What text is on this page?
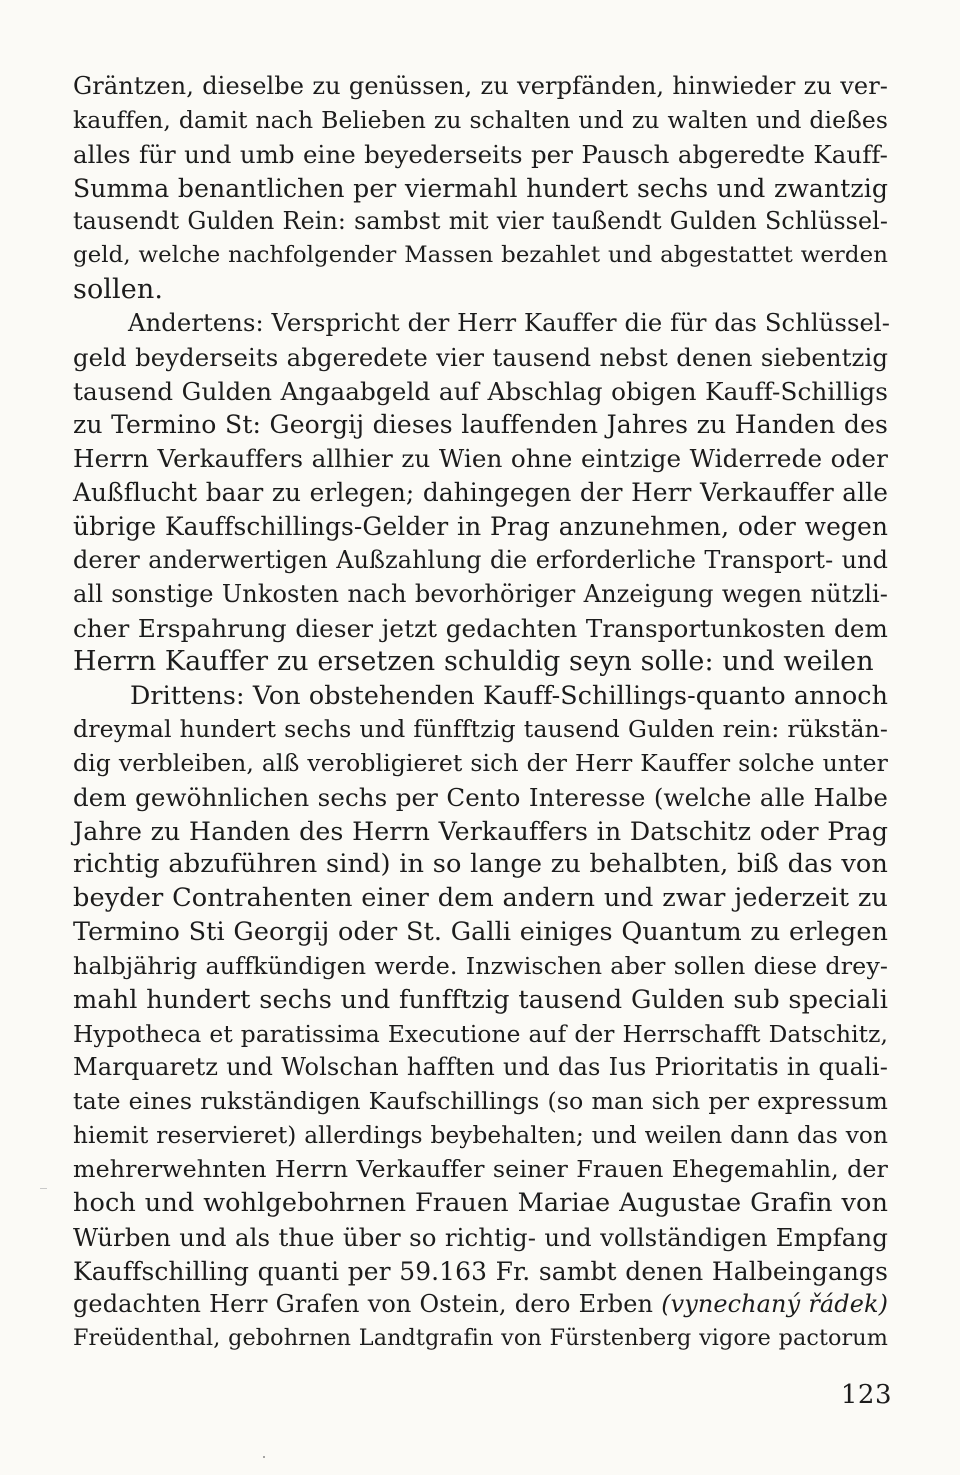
Gräntzen, dieselbe zu genüssen, zu verpfänden, hinwieder zu ver-
kauffen, damit nach Belieben zu schalten und zu walten und dießes
alles für und umb eine beyederseits per Pausch abgeredte Kauff-
Summa benantlichen per viermahl hundert sechs und zwantzig
tausendt Gulden Rein: sambst mit vier taußendt Gulden Schlüssel-
geld, welche nachfolgender Massen bezahlet und abgestattet werden
sollen.
Andertens: Verspricht der Herr Kauffer die für das Schlüssel-
geld beyderseits abgeredete vier tausend nebst denen siebentzig
tausend Gulden Angaabgeld auf Abschlag obigen Kauff-Schilligs
zu Termino St: Georgij dieses lauffenden Jahres zu Handen des
Herrn Verkauffers allhier zu Wien ohne eintzige Widerrede oder
Außflucht baar zu erlegen; dahingegen der Herr Verkauffer alle
übrige Kauffschillings-Gelder in Prag anzunehmen, oder wegen
derer anderwertigen Außzahlung die erforderliche Transport- und
all sonstige Unkosten nach bevorhöriger Anzeigung wegen nützli-
cher Erspahrung dieser jetzt gedachten Transportunkosten dem
Herrn Kauffer zu ersetzen schuldig seyn solle: und weilen
Drittens: Von obstehenden Kauff-Schillings-quanto annoch
dreymal hundert sechs und fünfftzig tausend Gulden rein: rükstän-
dig verbleiben, alß verobligieret sich der Herr Kauffer solche unter
dem gewöhnlichen sechs per Cento Interesse (welche alle Halbe
Jahre zu Handen des Herrn Verkauffers in Datschitz oder Prag
richtig abzuführen sind) in so lange zu behalbten, biß das von
beyder Contrahenten einer dem andern und zwar jederzeit zu
Termino Sti Georgij oder St. Galli einiges Quantum zu erlegen
halbjährig auffkündigen werde. Inzwischen aber sollen diese drey-
mahl hundert sechs und funfftzig tausend Gulden sub speciali
Hypotheca et paratissima Executione auf der Herrschafft Datschitz,
Marquaretz und Wolschan hafften und das Ius Prioritatis in quali-
tate eines rukständigen Kaufschillings (so man sich per expressum
hiemit reservieret) allerdings beybehalten; und weilen dann das von
mehrerwehnten Herrn Verkauffer seiner Frauen Ehegemahlin, der
hoch und wohlgebohrnen Frauen Mariae Augustae Grafin von
Würben und als thue über so richtig- und vollständigen Empfang
Kauffschilling quanti per 59.163 Fr. sambt denen Halbeingangs
gedachten Herr Grafen von Ostein, dero Erben (vynechaný řádek)
Freüdenthal, gebohrnen Landtgrafin von Fürstenberg vigore pactorum
123
